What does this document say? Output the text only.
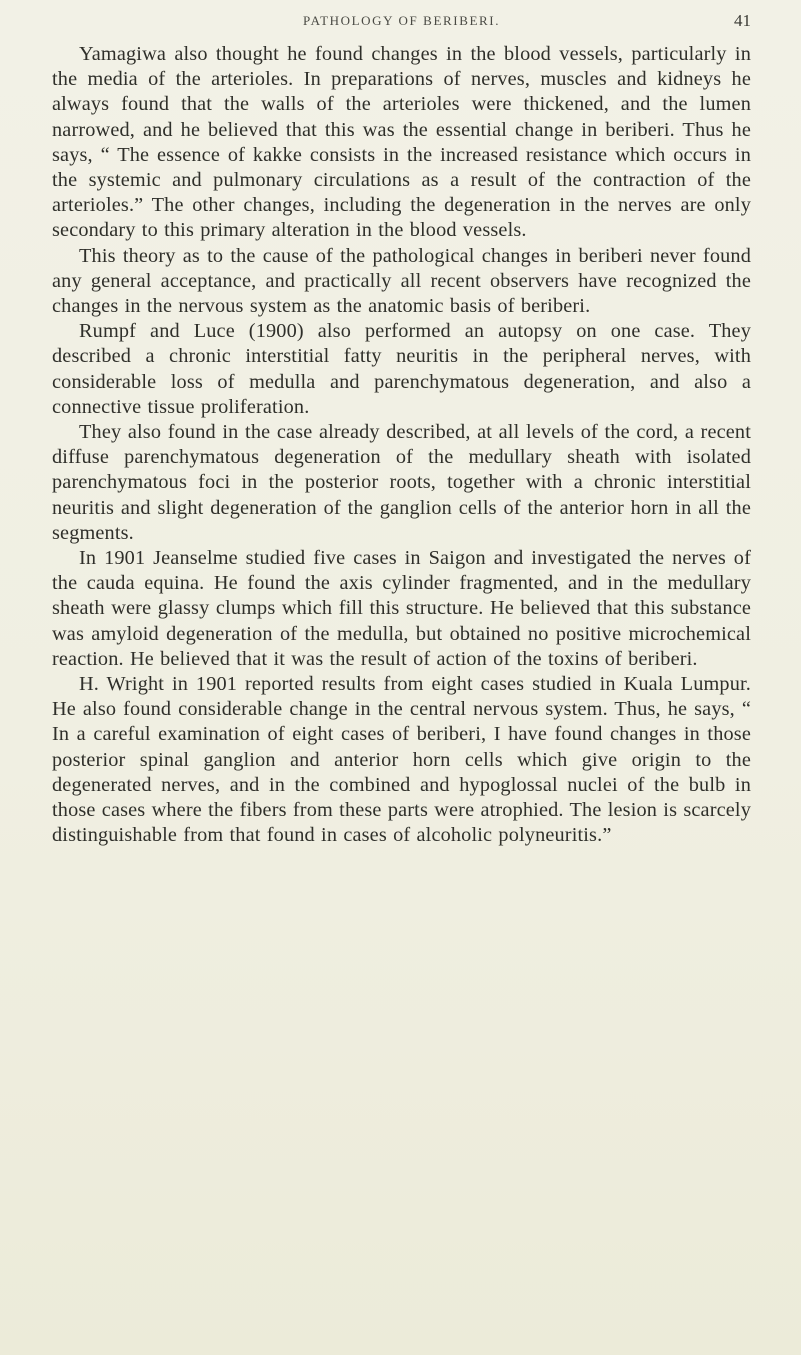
PATHOLOGY OF BERIBERI.	41

Yamagiwa also thought he found changes in the blood vessels, particularly in the media of the arterioles. In preparations of nerves, muscles and kidneys he always found that the walls of the arterioles were thickened, and the lumen narrowed, and he believed that this was the essential change in beriberi. Thus he says, “ The essence of kakke consists in the increased resistance which occurs in the systemic and pulmonary circulations as a result of the contraction of the arterioles.” The other changes, including the degeneration in the nerves are only secondary to this primary alteration in the blood vessels.

This theory as to the cause of the pathological changes in beriberi never found any general acceptance, and practically all recent observers have recognized the changes in the nervous system as the anatomic basis of beriberi.

Rumpf and Luce (1900) also performed an autopsy on one case. They described a chronic interstitial fatty neuritis in the peripheral nerves, with considerable loss of medulla and parenchymatous degeneration, and also a connective tissue proliferation.

They also found in the case already described, at all levels of the cord, a recent diffuse parenchymatous degeneration of the medullary sheath with isolated parenchymatous foci in the posterior roots, together with a chronic interstitial neuritis and slight degeneration of the ganglion cells of the anterior horn in all the segments.

In 1901 Jeanselme studied five cases in Saigon and investigated the nerves of the cauda equina. He found the axis cylinder fragmented, and in the medullary sheath were glassy clumps which fill this structure. He believed that this substance was amyloid degeneration of the medulla, but obtained no positive microchemical reaction. He believed that it was the result of action of the toxins of beriberi.

H. Wright in 1901 reported results from eight cases studied in Kuala Lumpur. He also found considerable change in the central nervous system. Thus, he says, “ In a careful examination of eight cases of beriberi, I have found changes in those posterior spinal ganglion and anterior horn cells which give origin to the degenerated nerves, and in the combined and hypoglossal nuclei of the bulb in those cases where the fibers from these parts were atrophied. The lesion is scarcely distinguishable from that found in cases of alcoholic polyneuritis.”
